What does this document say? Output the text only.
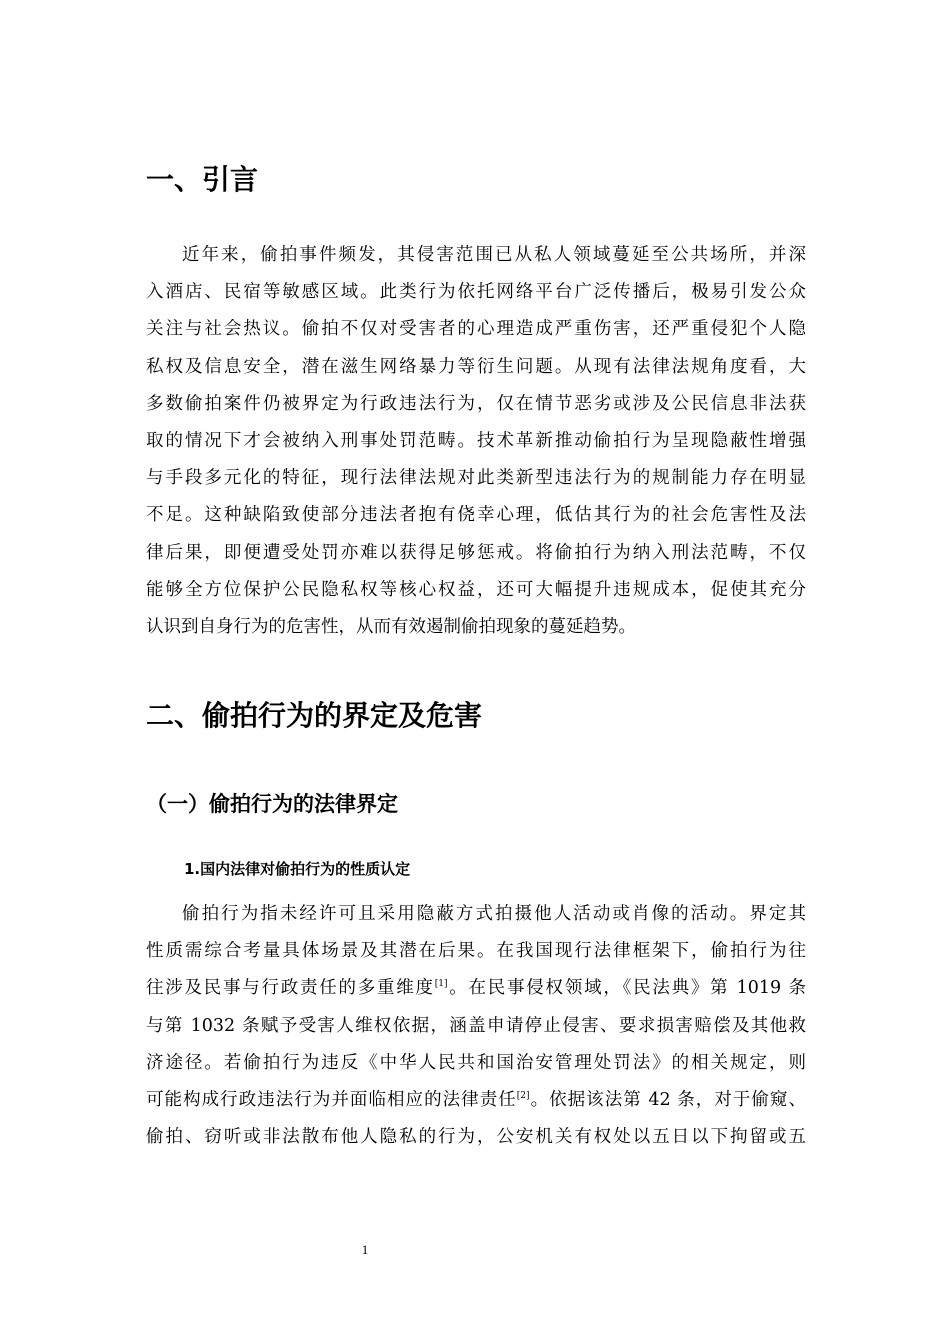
一、引言
近年来，偷拍事件频发，其侵害范围已从私人领域蔓延至公共场所，并深
入酒店、民宿等敏感区域。此类行为依托网络平台广泛传播后，极易引发公众
关注与社会热议。偷拍不仅对受害者的心理造成严重伤害，还严重侵犯个人隐
私权及信息安全，潜在滋生网络暴力等衍生问题。从现有法律法规角度看，大
多数偷拍案件仍被界定为行政违法行为，仅在情节恶劣或涉及公民信息非法获
取的情况下才会被纳入刑事处罚范畴。技术革新推动偷拍行为呈现隐蔽性增强
与手段多元化的特征，现行法律法规对此类新型违法行为的规制能力存在明显
不足。这种缺陷致使部分违法者抱有侥幸心理，低估其行为的社会危害性及法
律后果，即便遭受处罚亦难以获得足够惩戒。将偷拍行为纳入刑法范畴，不仅
能够全方位保护公民隐私权等核心权益，还可大幅提升违规成本，促使其充分
认识到自身行为的危害性，从而有效遏制偷拍现象的蔓延趋势。
二、偷拍行为的界定及危害
（一）偷拍行为的法律界定
1.国内法律对偷拍行为的性质认定
偷拍行为指未经许可且采用隐蔽方式拍摄他人活动或肖像的活动。界定其
性质需综合考量具体场景及其潜在后果。在我国现行法律框架下，偷拍行为往
往涉及民事与行政责任的多重维度[1]。在民事侵权领域，《民法典》第 1019 条
与第 1032 条赋予受害人维权依据，涵盖申请停止侵害、要求损害赔偿及其他救
济途径。若偷拍行为违反《中华人民共和国治安管理处罚法》的相关规定，则
可能构成行政违法行为并面临相应的法律责任[2]。依据该法第 42 条，对于偷窥、
偷拍、窃听或非法散布他人隐私的行为，公安机关有权处以五日以下拘留或五
1
